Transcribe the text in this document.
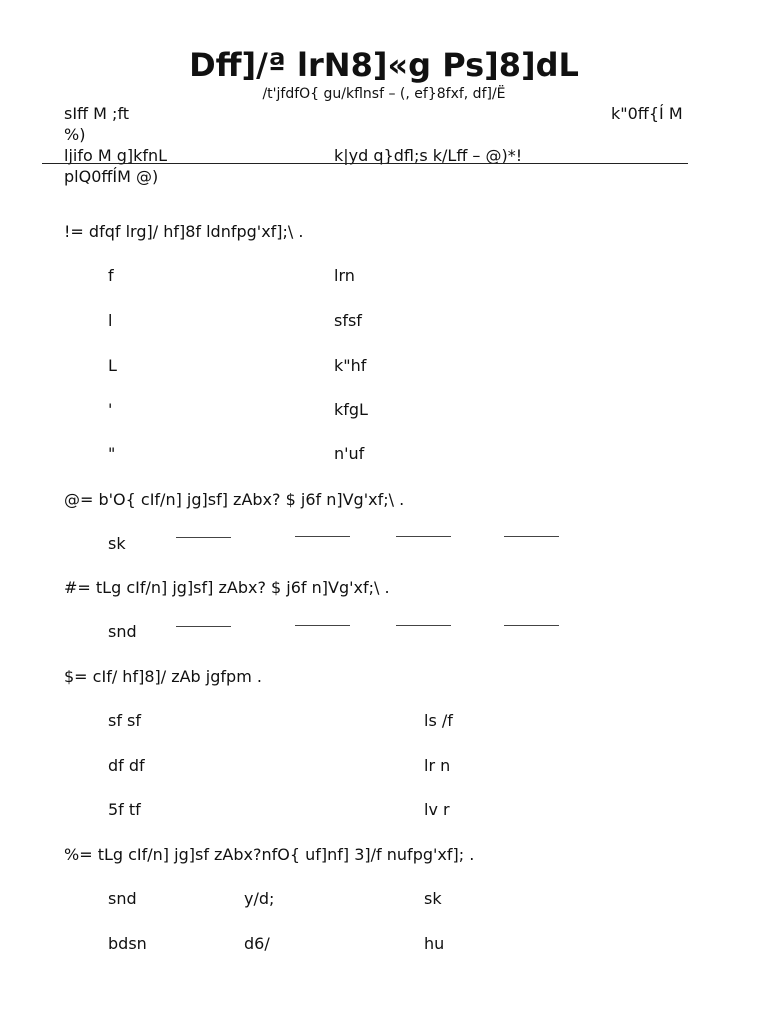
Dff]/ª lrN8]«g Ps]8]dL
/t'jfdfO{ gu/kflnsf – (, ef}8fxf, df]/Ë
sIff M ;ft	k"0ff{Í M
%)
ljifo M g]kfnL	k|yd q}dfl;s k/Lff – @)*!
plQ0ffÍM @)
!= dfqf lrg]/ hf]8f ldnfpg'xf];\ .
f	lrn
l	sfsf
L	k"hf
'	kfgL
"	n'uf
@= b'O{ cIf/n] jg]sf] zAbx? $ j6f n]Vg'xf;\ .
sk
#= tLg cIf/n] jg]sf] zAbx? $ j6f n]Vg'xf;\ .
snd
$= cIf/ hf]8]/ zAb jgfpm .
sf sf	ls /f
df df	lr n
5f tf	lv r
%= tLg cIf/n] jg]sf zAbx?nfO{ uf]nf] 3]/f nufpg'xf]; .
snd	y/d;	sk
bdsn	d6/	hu
